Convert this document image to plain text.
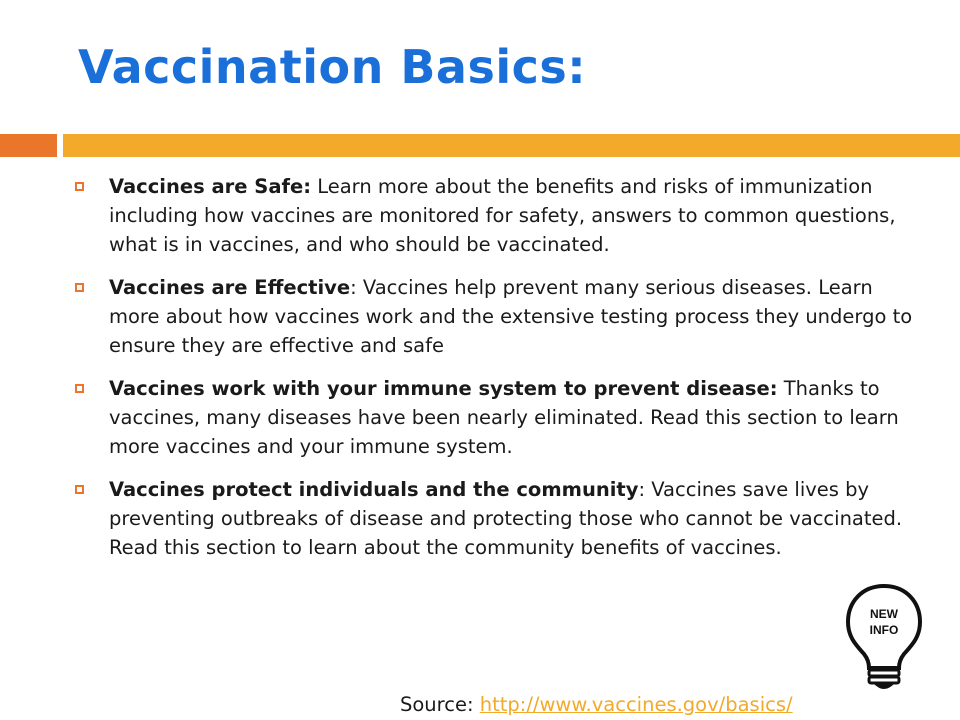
Vaccination Basics:
Vaccines are Safe: Learn more about the benefits and risks of immunization including how vaccines are monitored for safety, answers to common questions, what is in vaccines, and who should be vaccinated.
Vaccines are Effective: Vaccines help prevent many serious diseases. Learn more about how vaccines work and the extensive testing process they undergo to ensure they are effective and safe
Vaccines work with your immune system to prevent disease: Thanks to vaccines, many diseases have been nearly eliminated. Read this section to learn more vaccines and your immune system.
Vaccines protect individuals and the community: Vaccines save lives by preventing outbreaks of disease and protecting those who cannot be vaccinated. Read this section to learn about the community benefits of vaccines.
NEW
INFO
Source: http://www.vaccines.gov/basics/
